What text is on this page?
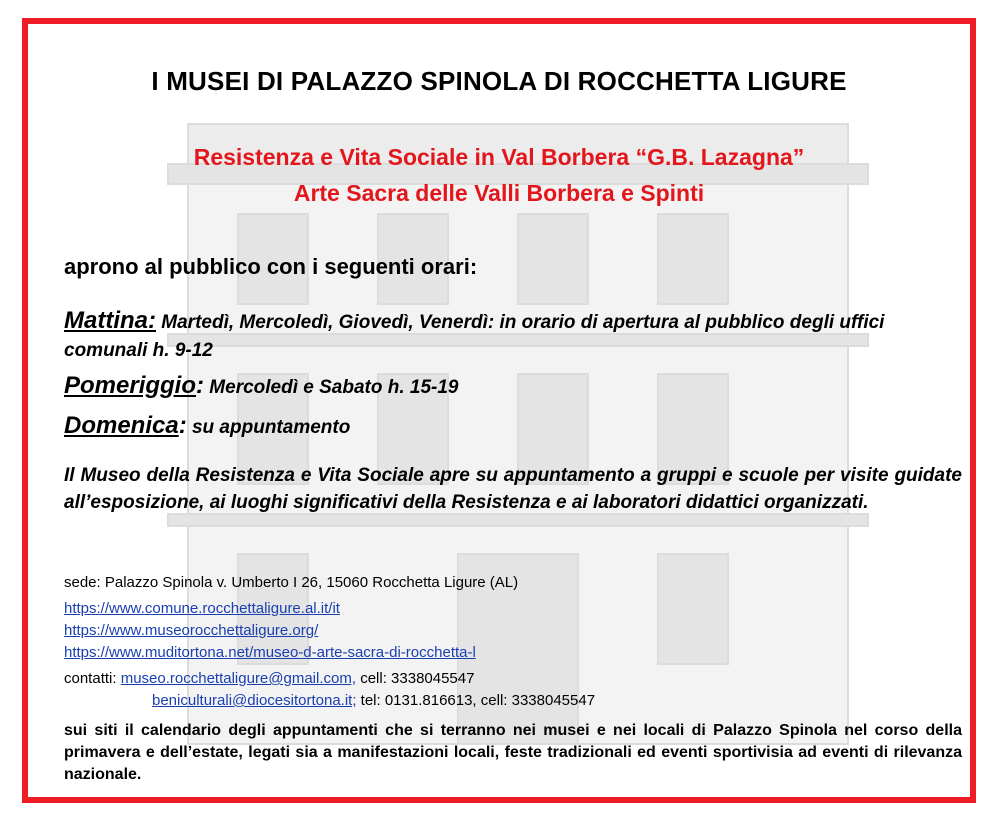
I MUSEI DI PALAZZO SPINOLA DI ROCCHETTA LIGURE
Resistenza e Vita Sociale in Val Borbera “G.B. Lazagna”
Arte Sacra delle Valli Borbera e Spinti
aprono al pubblico con i seguenti orari:
Mattina: Martedì, Mercoledì, Giovedì, Venerdì: in orario di apertura al pubblico degli uffici comunali h. 9-12
Pomeriggio: Mercoledì e Sabato h. 15-19
Domenica: su appuntamento
Il Museo della Resistenza e Vita Sociale apre su appuntamento a gruppi e scuole per visite guidate all’esposizione, ai luoghi significativi della Resistenza e ai laboratori didattici organizzati.
sede: Palazzo Spinola v. Umberto I 26, 15060 Rocchetta Ligure (AL)
https://www.comune.rocchettaligure.al.it/it
https://www.museorocchettaligure.org/
https://www.muditortona.net/museo-d-arte-sacra-di-rocchetta-l
contatti: museo.rocchettaligure@gmail.com, cell: 3338045547
beniculturali@diocesitortona.it; tel: 0131.816613, cell: 3338045547
sui siti il calendario degli appuntamenti che si terranno nei musei e nei locali di Palazzo Spinola nel corso della primavera e dell’estate, legati sia a manifestazioni locali, feste tradizionali ed eventi sportivisia ad eventi di rilevanza nazionale.
